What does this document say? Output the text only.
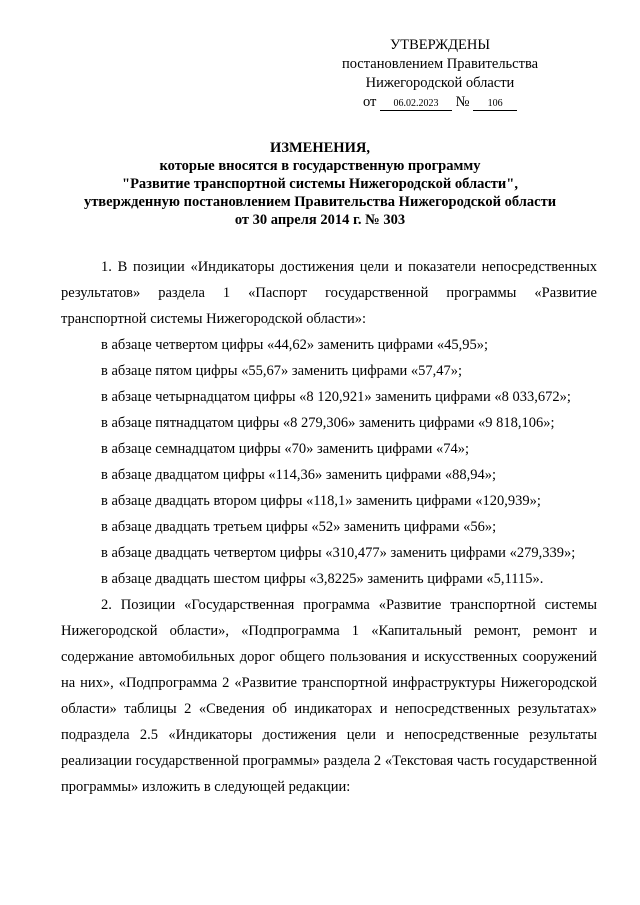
УТВЕРЖДЕНЫ
постановлением Правительства
Нижегородской области
от 06.02.2023 № 106
ИЗМЕНЕНИЯ,
которые вносятся в государственную программу
"Развитие транспортной системы Нижегородской области",
утвержденную постановлением Правительства Нижегородской области
от 30 апреля 2014 г. № 303

1. В позиции «Индикаторы достижения цели и показатели непосредственных результатов» раздела 1 «Паспорт государственной программы «Развитие транспортной системы Нижегородской области»:

в абзаце четвертом цифры «44,62» заменить цифрами «45,95»;
в абзаце пятом цифры «55,67» заменить цифрами «57,47»;
в абзаце четырнадцатом цифры «8 120,921» заменить цифрами «8 033,672»;
в абзаце пятнадцатом цифры «8 279,306» заменить цифрами «9 818,106»;
в абзаце семнадцатом цифры «70» заменить цифрами «74»;
в абзаце двадцатом цифры «114,36» заменить цифрами «88,94»;
в абзаце двадцать втором цифры «118,1» заменить цифрами «120,939»;
в абзаце двадцать третьем цифры «52» заменить цифрами «56»;
в абзаце двадцать четвертом цифры «310,477» заменить цифрами «279,339»;
в абзаце двадцать шестом цифры «3,8225» заменить цифрами «5,1115».

2. Позиции «Государственная программа «Развитие транспортной системы Нижегородской области», «Подпрограмма 1 «Капитальный ремонт, ремонт и содержание автомобильных дорог общего пользования и искусственных сооружений на них», «Подпрограмма 2 «Развитие транспортной инфраструктуры Нижегородской области» таблицы 2 «Сведения об индикаторах и непосредственных результатах» подраздела 2.5 «Индикаторы достижения цели и непосредственные результаты реализации государственной программы» раздела 2 «Текстовая часть государственной программы» изложить в следующей редакции:
